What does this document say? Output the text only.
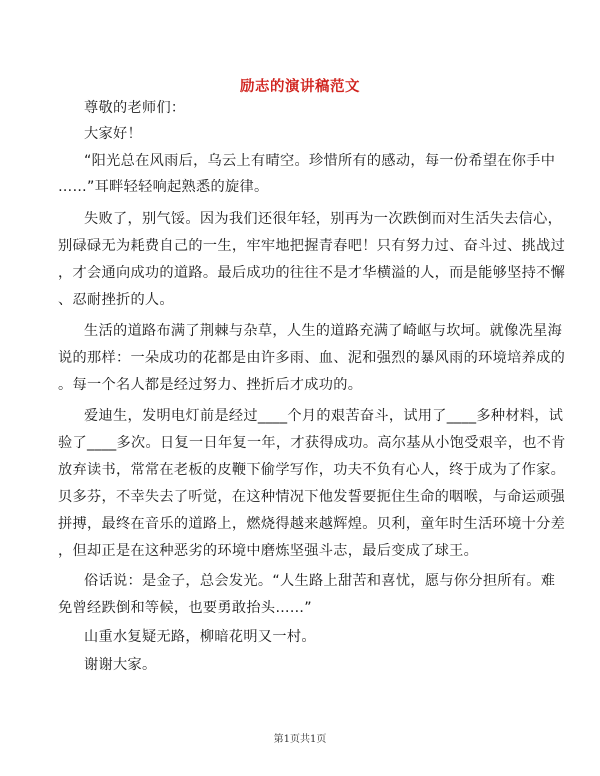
励志的演讲稿范文
尊敬的老师们：
大家好！
“阳光总在风雨后，乌云上有晴空。珍惜所有的感动，每一份希望在你手中
……”耳畔轻轻响起熟悉的旋律。
失败了，别气馁。因为我们还很年轻，别再为一次跌倒而对生活失去信心，
别碌碌无为耗费自己的一生，牢牢地把握青春吧！只有努力过、奋斗过、挑战过
，才会通向成功的道路。最后成功的往往不是才华横溢的人，而是能够坚持不懈
、忍耐挫折的人。
生活的道路布满了荆棘与杂草，人生的道路充满了崎岖与坎坷。就像冼星海
说的那样：一朵成功的花都是由许多雨、血、泥和强烈的暴风雨的环境培养成的
。每一个名人都是经过努力、挫折后才成功的。
爱迪生，发明电灯前是经过____个月的艰苦奋斗，试用了____多种材料，试
验了____多次。日复一日年复一年，才获得成功。高尔基从小饱受艰辛，也不肯
放弃读书，常常在老板的皮鞭下偷学写作，功夫不负有心人，终于成为了作家。
贝多芬，不幸失去了听觉，在这种情况下他发誓要扼住生命的咽喉，与命运顽强
拼搏，最终在音乐的道路上，燃烧得越来越辉煌。贝利，童年时生活环境十分差
，但却正是在这种恶劣的环境中磨炼坚强斗志，最后变成了球王。
俗话说：是金子，总会发光。“人生路上甜苦和喜忧，愿与你分担所有。难
免曾经跌倒和等候，也要勇敢抬头……”
山重水复疑无路，柳暗花明又一村。
谢谢大家。
第1页共1页
